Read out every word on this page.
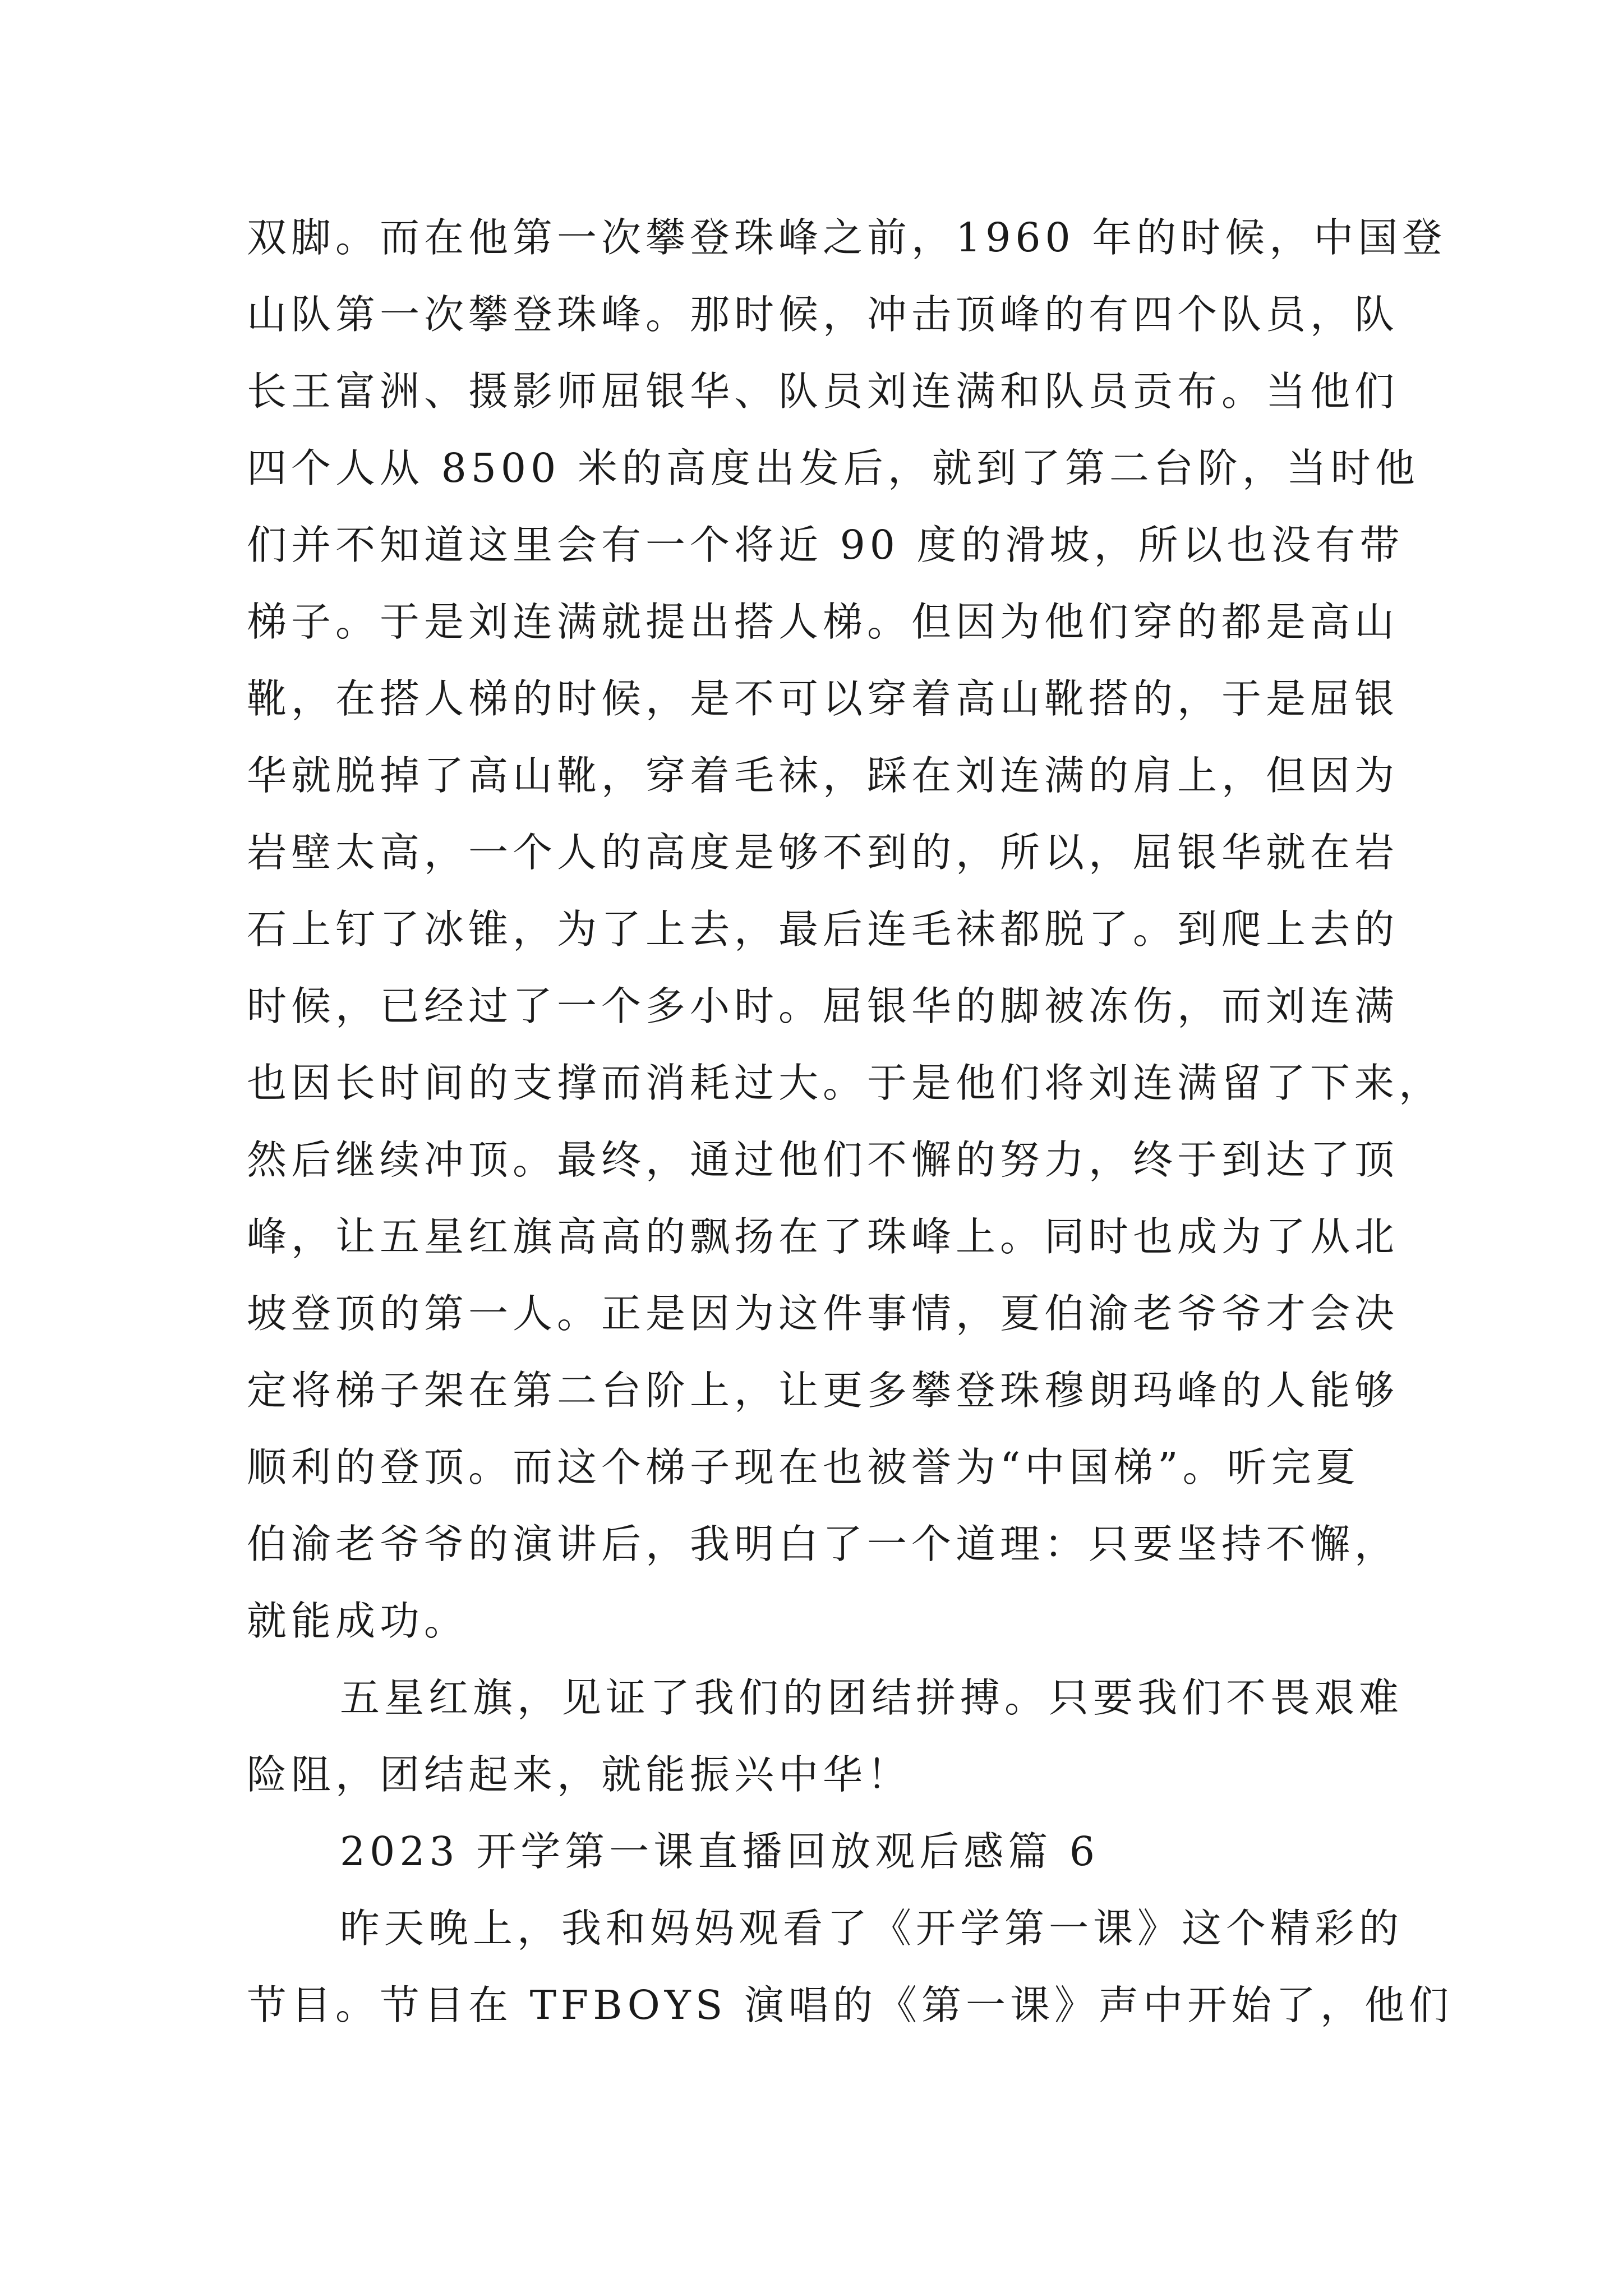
双脚。而在他第一次攀登珠峰之前，1960 年的时候，中国登
山队第一次攀登珠峰。那时候，冲击顶峰的有四个队员，队
长王富洲、摄影师屈银华、队员刘连满和队员贡布。当他们
四个人从 8500 米的高度出发后，就到了第二台阶，当时他
们并不知道这里会有一个将近 90 度的滑坡，所以也没有带
梯子。于是刘连满就提出搭人梯。但因为他们穿的都是高山
靴，在搭人梯的时候，是不可以穿着高山靴搭的，于是屈银
华就脱掉了高山靴，穿着毛袜，踩在刘连满的肩上，但因为
岩壁太高，一个人的高度是够不到的，所以，屈银华就在岩
石上钉了冰锥，为了上去，最后连毛袜都脱了。到爬上去的
时候，已经过了一个多小时。屈银华的脚被冻伤，而刘连满
也因长时间的支撑而消耗过大。于是他们将刘连满留了下来，
然后继续冲顶。最终，通过他们不懈的努力，终于到达了顶
峰，让五星红旗高高的飘扬在了珠峰上。同时也成为了从北
坡登顶的第一人。正是因为这件事情，夏伯渝老爷爷才会决
定将梯子架在第二台阶上，让更多攀登珠穆朗玛峰的人能够
顺利的登顶。而这个梯子现在也被誉为“中国梯”。听完夏
伯渝老爷爷的演讲后，我明白了一个道理：只要坚持不懈，
就能成功。
五星红旗，见证了我们的团结拼搏。只要我们不畏艰难
险阻，团结起来，就能振兴中华！
2023 开学第一课直播回放观后感篇 6
昨天晚上，我和妈妈观看了《开学第一课》这个精彩的
节目。节目在 TFBOYS 演唱的《第一课》声中开始了，他们
